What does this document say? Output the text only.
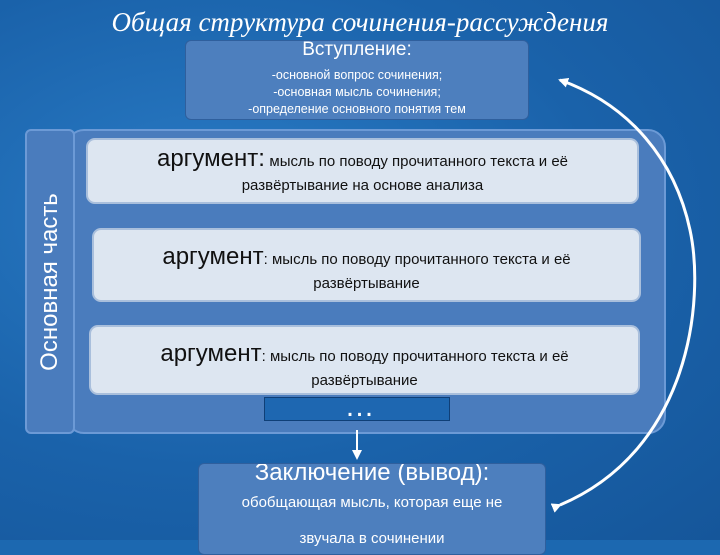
Общая структура сочинения-рассуждения
Вступление:
-основной вопрос сочинения;
-основная мысль сочинения;
-определение основного понятия тем
Основная часть
аргумент: мысль по поводу прочитанного текста и её
развёртывание на основе анализа
аргумент: мысль по поводу прочитанного текста и её
развёртывание
аргумент: мысль по поводу прочитанного текста и её
развёртывание
…
Заключение (вывод):
обобщающая мысль, которая еще не
звучала в сочинении
